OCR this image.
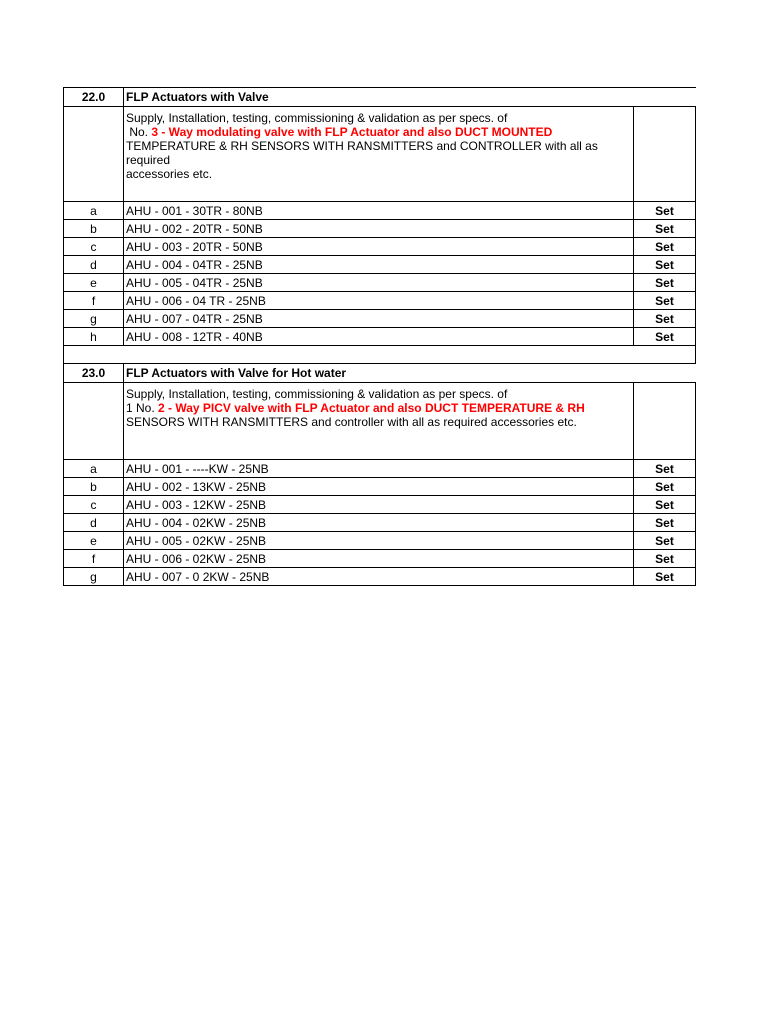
22.0	FLP Actuators with Valve	

	Supply, Installation, testing, commissioning & validation as per specs. of
No. 3 - Way modulating valve with FLP Actuator and also DUCT MOUNTED
TEMPERATURE & RH SENSORS WITH RANSMITTERS and CONTROLLER with all as required
accessories etc.	

a	AHU - 001 - 30TR - 80NB	Set
b	AHU - 002 - 20TR - 50NB	Set
c	AHU - 003 - 20TR - 50NB	Set
d	AHU - 004 - 04TR - 25NB	Set
e	AHU - 005 - 04TR - 25NB	Set
f	AHU - 006 - 04 TR - 25NB	Set
g	AHU - 007 - 04TR - 25NB	Set
h	AHU - 008 - 12TR - 40NB	Set

23.0	FLP Actuators with Valve for Hot water	

	Supply, Installation, testing, commissioning & validation as per specs. of
1 No. 2 - Way PICV valve with FLP Actuator and also DUCT TEMPERATURE & RH
SENSORS WITH RANSMITTERS and controller with all as required accessories etc.	

a	AHU - 001 - ----KW - 25NB	Set
b	AHU - 002 - 13KW - 25NB	Set
c	AHU - 003 - 12KW - 25NB	Set
d	AHU - 004 - 02KW - 25NB	Set
e	AHU - 005 - 02KW - 25NB	Set
f	AHU - 006 - 02KW - 25NB	Set
g	AHU - 007 - 0 2KW - 25NB	Set
